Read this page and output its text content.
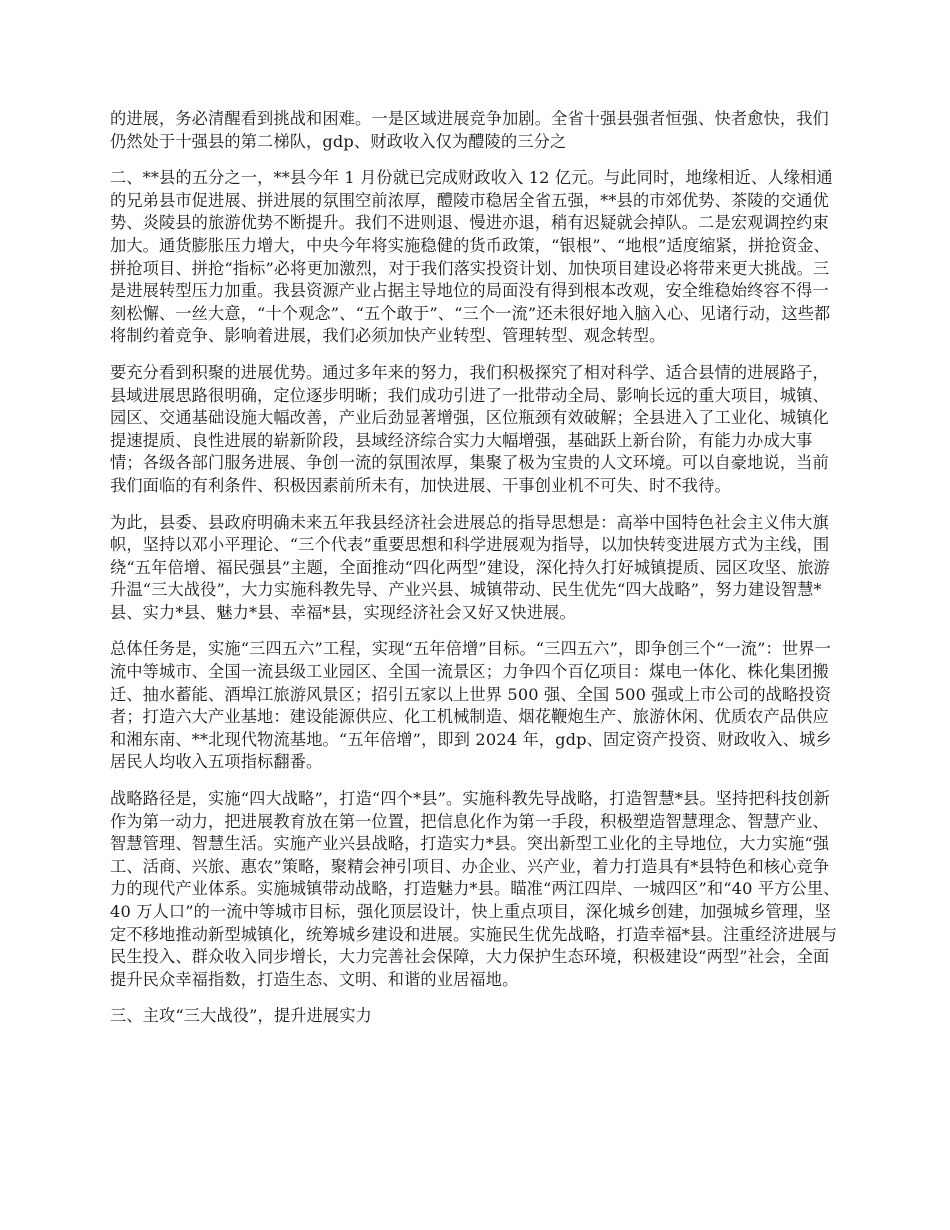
的进展，务必清醒看到挑战和困难。一是区域进展竞争加剧。全省十强县强者恒强、快者愈快，我们仍然处于十强县的第二梯队，gdp、财政收入仅为醴陵的三分之

二、**县的五分之一，**县今年 1 月份就已完成财政收入 12 亿元。与此同时，地缘相近、人缘相通的兄弟县市促进展、拼进展的氛围空前浓厚，醴陵市稳居全省五强，**县的市郊优势、茶陵的交通优势、炎陵县的旅游优势不断提升。我们不进则退、慢进亦退，稍有迟疑就会掉队。二是宏观调控约束加大。通货膨胀压力增大，中央今年将实施稳健的货币政策，“银根”、“地根”适度缩紧，拼抢资金、拼抢项目、拼抢“指标”必将更加激烈，对于我们落实投资计划、加快项目建设必将带来更大挑战。三是进展转型压力加重。我县资源产业占据主导地位的局面没有得到根本改观，安全维稳始终容不得一刻松懈、一丝大意，“十个观念”、“五个敢于”、“三个一流”还未很好地入脑入心、见诸行动，这些都将制约着竞争、影响着进展，我们必须加快产业转型、管理转型、观念转型。

要充分看到积聚的进展优势。通过多年来的努力，我们积极探究了相对科学、适合县情的进展路子，县域进展思路很明确，定位逐步明晰；我们成功引进了一批带动全局、影响长远的重大项目，城镇、园区、交通基础设施大幅改善，产业后劲显著增强，区位瓶颈有效破解；全县进入了工业化、城镇化提速提质、良性进展的崭新阶段，县域经济综合实力大幅增强，基础跃上新台阶，有能力办成大事情；各级各部门服务进展、争创一流的氛围浓厚，集聚了极为宝贵的人文环境。可以自豪地说，当前我们面临的有利条件、积极因素前所未有，加快进展、干事创业机不可失、时不我待。

为此，县委、县政府明确未来五年我县经济社会进展总的指导思想是：高举中国特色社会主义伟大旗帜，坚持以邓小平理论、“三个代表”重要思想和科学进展观为指导，以加快转变进展方式为主线，围绕“五年倍增、福民强县”主题，全面推动“四化两型”建设，深化持久打好城镇提质、园区攻坚、旅游升温“三大战役”，大力实施科教先导、产业兴县、城镇带动、民生优先“四大战略”，努力建设智慧*县、实力*县、魅力*县、幸福*县，实现经济社会又好又快进展。

总体任务是，实施“三四五六”工程，实现“五年倍增”目标。“三四五六”，即争创三个“一流”：世界一流中等城市、全国一流县级工业园区、全国一流景区；力争四个百亿项目：煤电一体化、株化集团搬迁、抽水蓄能、酒埠江旅游风景区；招引五家以上世界 500 强、全国 500 强或上市公司的战略投资者；打造六大产业基地：建设能源供应、化工机械制造、烟花鞭炮生产、旅游休闲、优质农产品供应和湘东南、**北现代物流基地。“五年倍增”，即到 2024 年，gdp、固定资产投资、财政收入、城乡居民人均收入五项指标翻番。

战略路径是，实施“四大战略”，打造“四个*县”。实施科教先导战略，打造智慧*县。坚持把科技创新作为第一动力，把进展教育放在第一位置，把信息化作为第一手段，积极塑造智慧理念、智慧产业、智慧管理、智慧生活。实施产业兴县战略，打造实力*县。突出新型工业化的主导地位，大力实施“强工、活商、兴旅、惠农”策略，聚精会神引项目、办企业、兴产业，着力打造具有*县特色和核心竞争力的现代产业体系。实施城镇带动战略，打造魅力*县。瞄准“两江四岸、一城四区”和“40 平方公里、40 万人口”的一流中等城市目标，强化顶层设计，快上重点项目，深化城乡创建，加强城乡管理，坚定不移地推动新型城镇化，统筹城乡建设和进展。实施民生优先战略，打造幸福*县。注重经济进展与民生投入、群众收入同步增长，大力完善社会保障，大力保护生态环境，积极建设“两型”社会，全面提升民众幸福指数，打造生态、文明、和谐的业居福地。

三、主攻“三大战役”，提升进展实力
